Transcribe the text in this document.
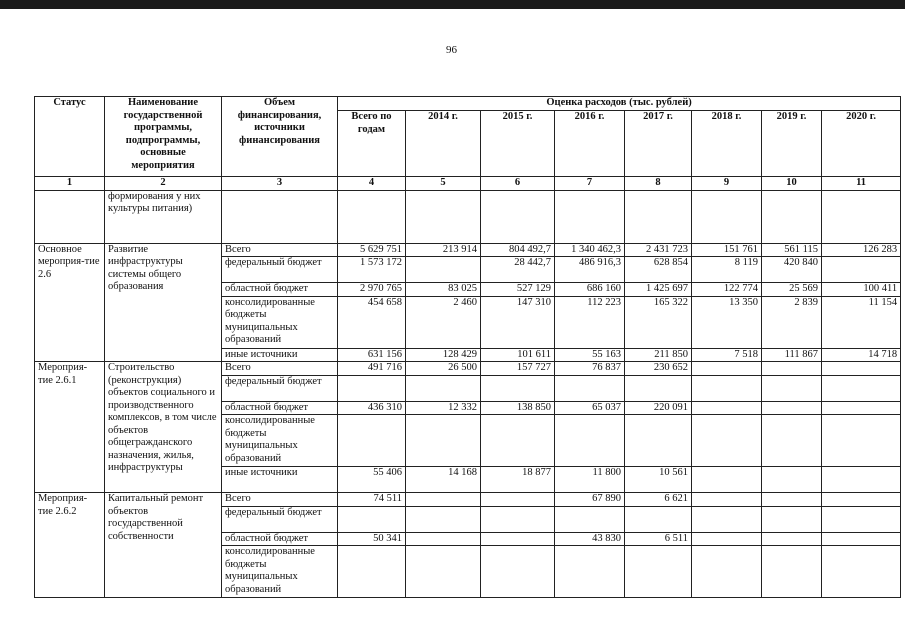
96
Статус	Наименование государственной программы, подпрограммы, основные мероприятия	Объем финансирования, источники финансирования	Оценка расходов (тыс. рублей)							
			Всего по годам	2014 г.	2015 г.	2016 г.	2017 г.	2018 г.	2019 г.	2020 г.
1	2	3	4	5	6	7	8	9	10	11
	формирования у них культуры питания)									
Основное мероприя-тие 2.6	Развитие инфраструктуры системы общего образования	Всего	5 629 751	213 914	804 492,7	1 340 462,3	2 431 723	151 761	561 115	126 283
		федеральный бюджет	1 573 172		28 442,7	486 916,3	628 854	8 119	420 840	
		областной бюджет	2 970 765	83 025	527 129	686 160	1 425 697	122 774	25 569	100 411
		консолидированные бюджеты муниципальных образований	454 658	2 460	147 310	112 223	165 322	13 350	2 839	11 154
		иные источники	631 156	128 429	101 611	55 163	211 850	7 518	111 867	14 718
Мероприя-тие 2.6.1	Строительство (реконструкция) объектов социального и производственного комплексов, в том числе объектов общегражданского назначения, жилья, инфраструктуры	Всего	491 716	26 500	157 727	76 837	230 652			
		федеральный бюджет								
		областной бюджет	436 310	12 332	138 850	65 037	220 091			
		консолидированные бюджеты муниципальных образований								
		иные источники	55 406	14 168	18 877	11 800	10 561			
Мероприя-тие 2.6.2	Капитальный ремонт объектов государственной собственности	Всего	74 511			67 890	6 621			
		федеральный бюджет								
		областной бюджет	50 341			43 830	6 511			
		консолидированные бюджеты муниципальных образований								
